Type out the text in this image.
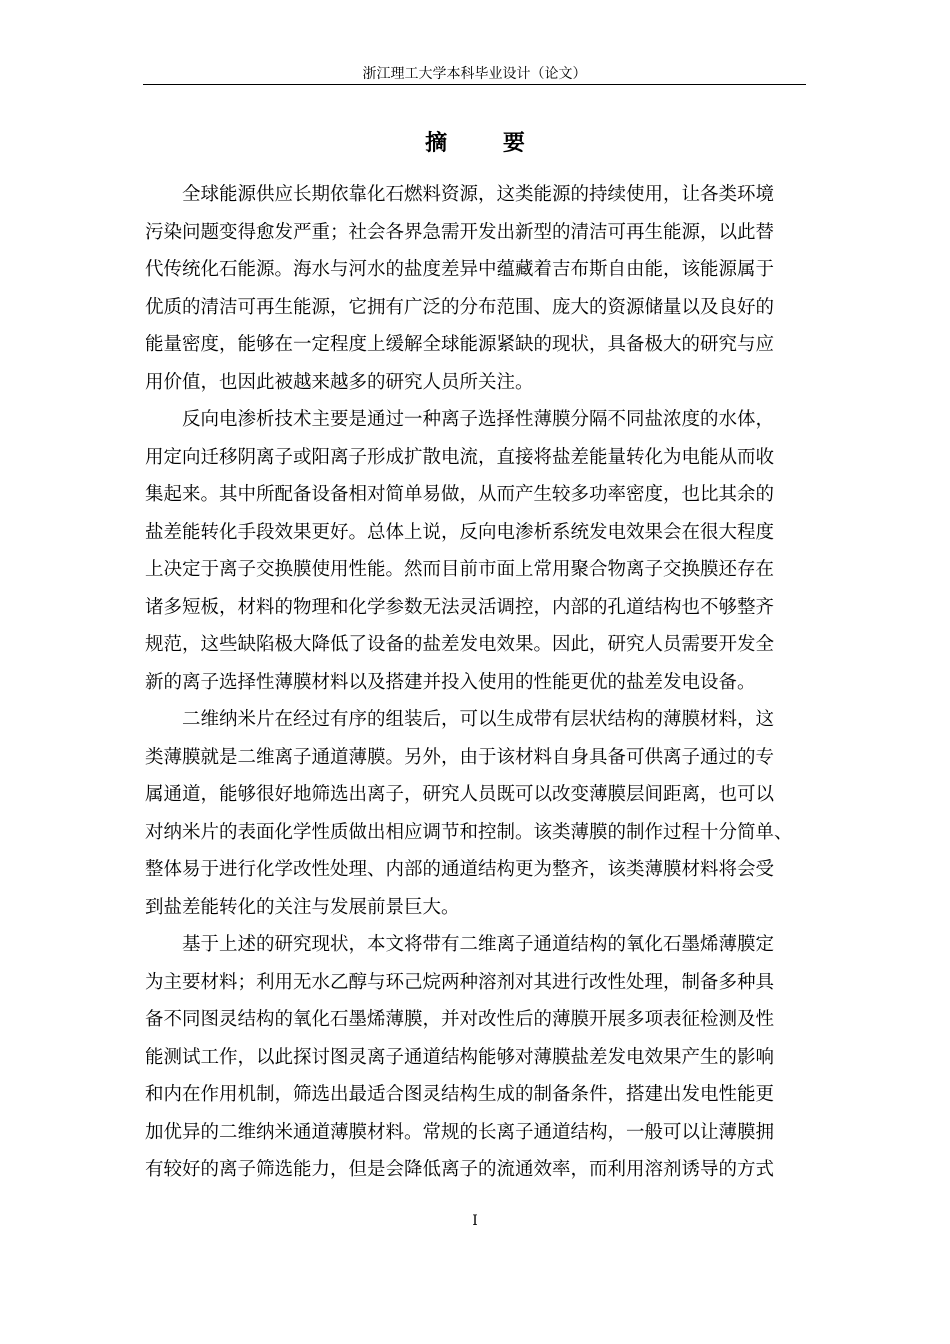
浙江理工大学本科毕业设计（论文）
摘 要
全球能源供应长期依靠化石燃料资源，这类能源的持续使用，让各类环境
污染问题变得愈发严重；社会各界急需开发出新型的清洁可再生能源，以此替
代传统化石能源。海水与河水的盐度差异中蕴藏着吉布斯自由能，该能源属于
优质的清洁可再生能源，它拥有广泛的分布范围、庞大的资源储量以及良好的
能量密度，能够在一定程度上缓解全球能源紧缺的现状，具备极大的研究与应
用价值，也因此被越来越多的研究人员所关注。
反向电渗析技术主要是通过一种离子选择性薄膜分隔不同盐浓度的水体，
用定向迁移阴离子或阳离子形成扩散电流，直接将盐差能量转化为电能从而收
集起来。其中所配备设备相对简单易做，从而产生较多功率密度，也比其余的
盐差能转化手段效果更好。总体上说，反向电渗析系统发电效果会在很大程度
上决定于离子交换膜使用性能。然而目前市面上常用聚合物离子交换膜还存在
诸多短板，材料的物理和化学参数无法灵活调控，内部的孔道结构也不够整齐
规范，这些缺陷极大降低了设备的盐差发电效果。因此，研究人员需要开发全
新的离子选择性薄膜材料以及搭建并投入使用的性能更优的盐差发电设备。
二维纳米片在经过有序的组装后，可以生成带有层状结构的薄膜材料，这
类薄膜就是二维离子通道薄膜。另外，由于该材料自身具备可供离子通过的专
属通道，能够很好地筛选出离子，研究人员既可以改变薄膜层间距离，也可以
对纳米片的表面化学性质做出相应调节和控制。该类薄膜的制作过程十分简单、
整体易于进行化学改性处理、内部的通道结构更为整齐，该类薄膜材料将会受
到盐差能转化的关注与发展前景巨大。
基于上述的研究现状，本文将带有二维离子通道结构的氧化石墨烯薄膜定
为主要材料；利用无水乙醇与环己烷两种溶剂对其进行改性处理，制备多种具
备不同图灵结构的氧化石墨烯薄膜，并对改性后的薄膜开展多项表征检测及性
能测试工作，以此探讨图灵离子通道结构能够对薄膜盐差发电效果产生的影响
和内在作用机制，筛选出最适合图灵结构生成的制备条件，搭建出发电性能更
加优异的二维纳米通道薄膜材料。常规的长离子通道结构，一般可以让薄膜拥
有较好的离子筛选能力，但是会降低离子的流通效率，而利用溶剂诱导的方式
I
